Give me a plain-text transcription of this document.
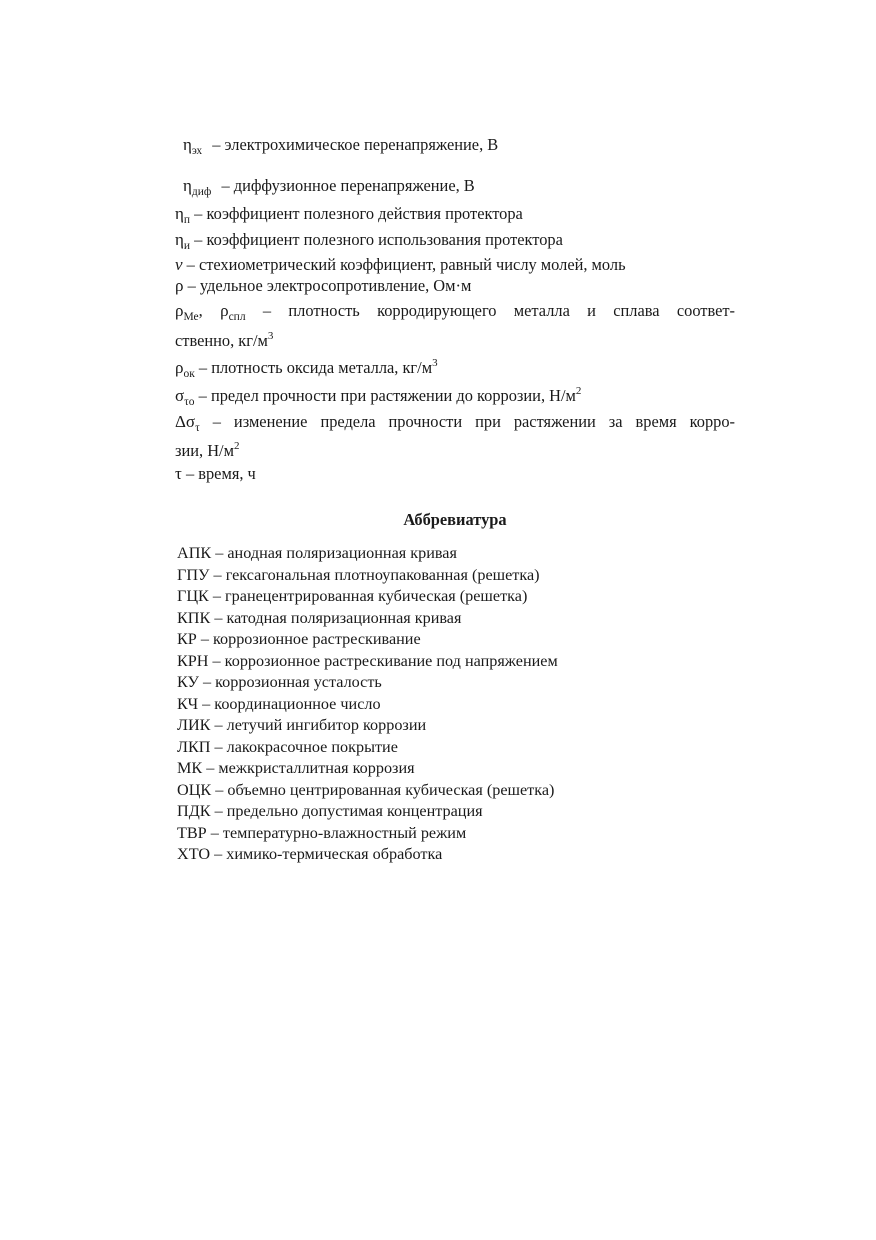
$\eta_{эх}$ – электрохимическое перенапряжение, В
$\eta_{диф}$ – диффузионное перенапряжение, В
$\eta_п$ – коэффициент полезного действия протектора
$\eta_и$ – коэффициент полезного использования протектора
ν – стехиометрический коэффициент, равный числу молей, моль
ρ – удельное электросопротивление, Ом·м
$\rho_{Ме}$, $\rho_{спл}$ – плотность корродирующего металла и сплава соответ-
ственно, $кг/м^3$
$\rho_{ок}$ – плотность оксида металла, $кг/м^3$
$\sigma_{\tau о}$ – предел прочности при растяжении до коррозии, $Н/м^2$
$\Delta\sigma_\tau$ – изменение предела прочности при растяжении за время корро-
зии, $Н/м^2$
τ – время, ч
Аббревиатура
АПК – анодная поляризационная кривая
ГПУ – гексагональная плотноупакованная (решетка)
ГЦК – гранецентрированная кубическая (решетка)
КПК – катодная поляризационная кривая
КР – коррозионное растрескивание
КРН – коррозионное растрескивание под напряжением
КУ – коррозионная усталость
КЧ – координационное число
ЛИК – летучий ингибитор коррозии
ЛКП – лакокрасочное покрытие
МК – межкристаллитная коррозия
ОЦК – объемно центрированная кубическая (решетка)
ПДК – предельно допустимая концентрация
ТВР – температурно-влажностный режим
ХТО – химико-термическая обработка
